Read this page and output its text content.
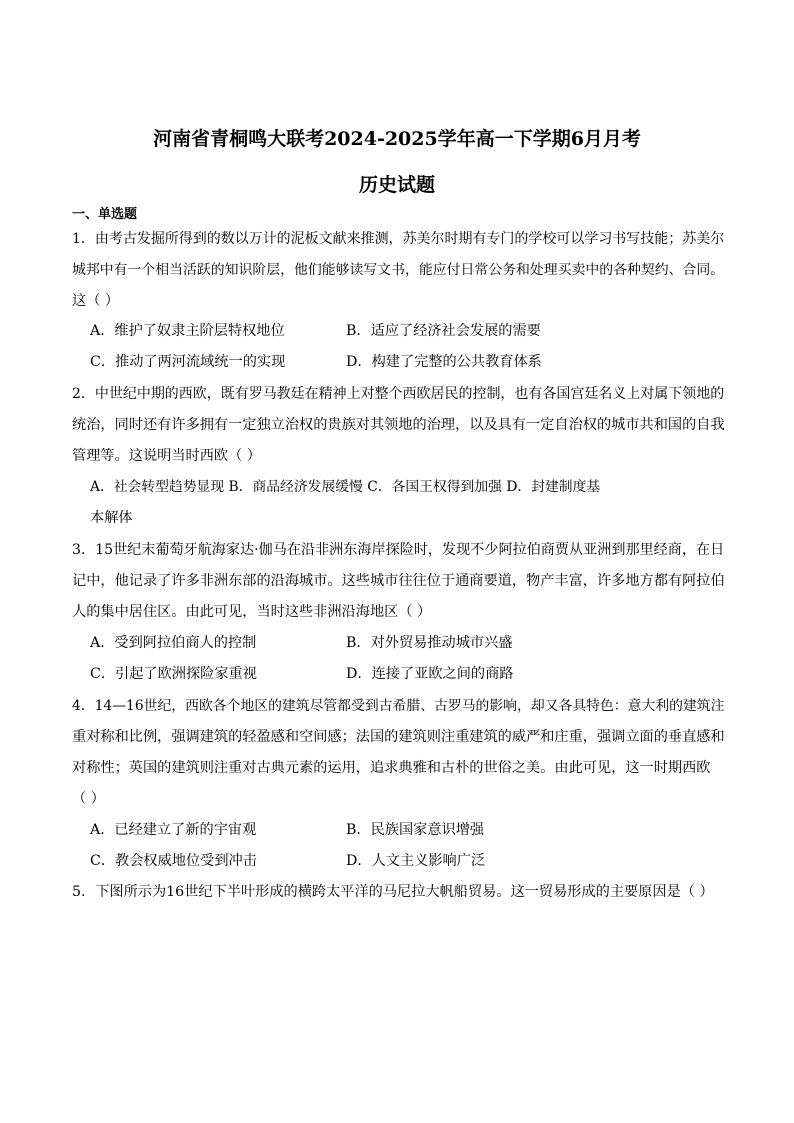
河南省青桐鸣大联考2024-2025学年高一下学期6月月考
历史试题
一、单选题
1．由考古发掘所得到的数以万计的泥板文献来推测，苏美尔时期有专门的学校可以学习书写技能；苏美尔
城邦中有一个相当活跃的知识阶层，他们能够读写文书，能应付日常公务和处理买卖中的各种契约、合同。
这（ ）
A．维护了奴隶主阶层特权地位	B．适应了经济社会发展的需要
C．推动了两河流域统一的实现	D．构建了完整的公共教育体系
2．中世纪中期的西欧，既有罗马教廷在精神上对整个西欧居民的控制，也有各国宫廷名义上对属下领地的
统治，同时还有许多拥有一定独立治权的贵族对其领地的治理，以及具有一定自治权的城市共和国的自我
管理等。这说明当时西欧（ ）
A．社会转型趋势显现 B．商品经济发展缓慢 C．各国王权得到加强 D．封建制度基
本解体
3．15世纪末葡萄牙航海家达·伽马在沿非洲东海岸探险时，发现不少阿拉伯商贾从亚洲到那里经商，在日
记中，他记录了许多非洲东部的沿海城市。这些城市往往位于通商要道，物产丰富，许多地方都有阿拉伯
人的集中居住区。由此可见，当时这些非洲沿海地区（ ）
A．受到阿拉伯商人的控制	B．对外贸易推动城市兴盛
C．引起了欧洲探险家重视	D．连接了亚欧之间的商路
4．14—16世纪，西欧各个地区的建筑尽管都受到古希腊、古罗马的影响，却又各具特色：意大利的建筑注
重对称和比例，强调建筑的轻盈感和空间感；法国的建筑则注重建筑的威严和庄重，强调立面的垂直感和
对称性；英国的建筑则注重对古典元素的运用，追求典雅和古朴的世俗之美。由此可见，这一时期西欧
（ ）
A．已经建立了新的宇宙观	B．民族国家意识增强
C．教会权威地位受到冲击	D．人文主义影响广泛
5．下图所示为16世纪下半叶形成的横跨太平洋的马尼拉大帆船贸易。这一贸易形成的主要原因是（ ）
